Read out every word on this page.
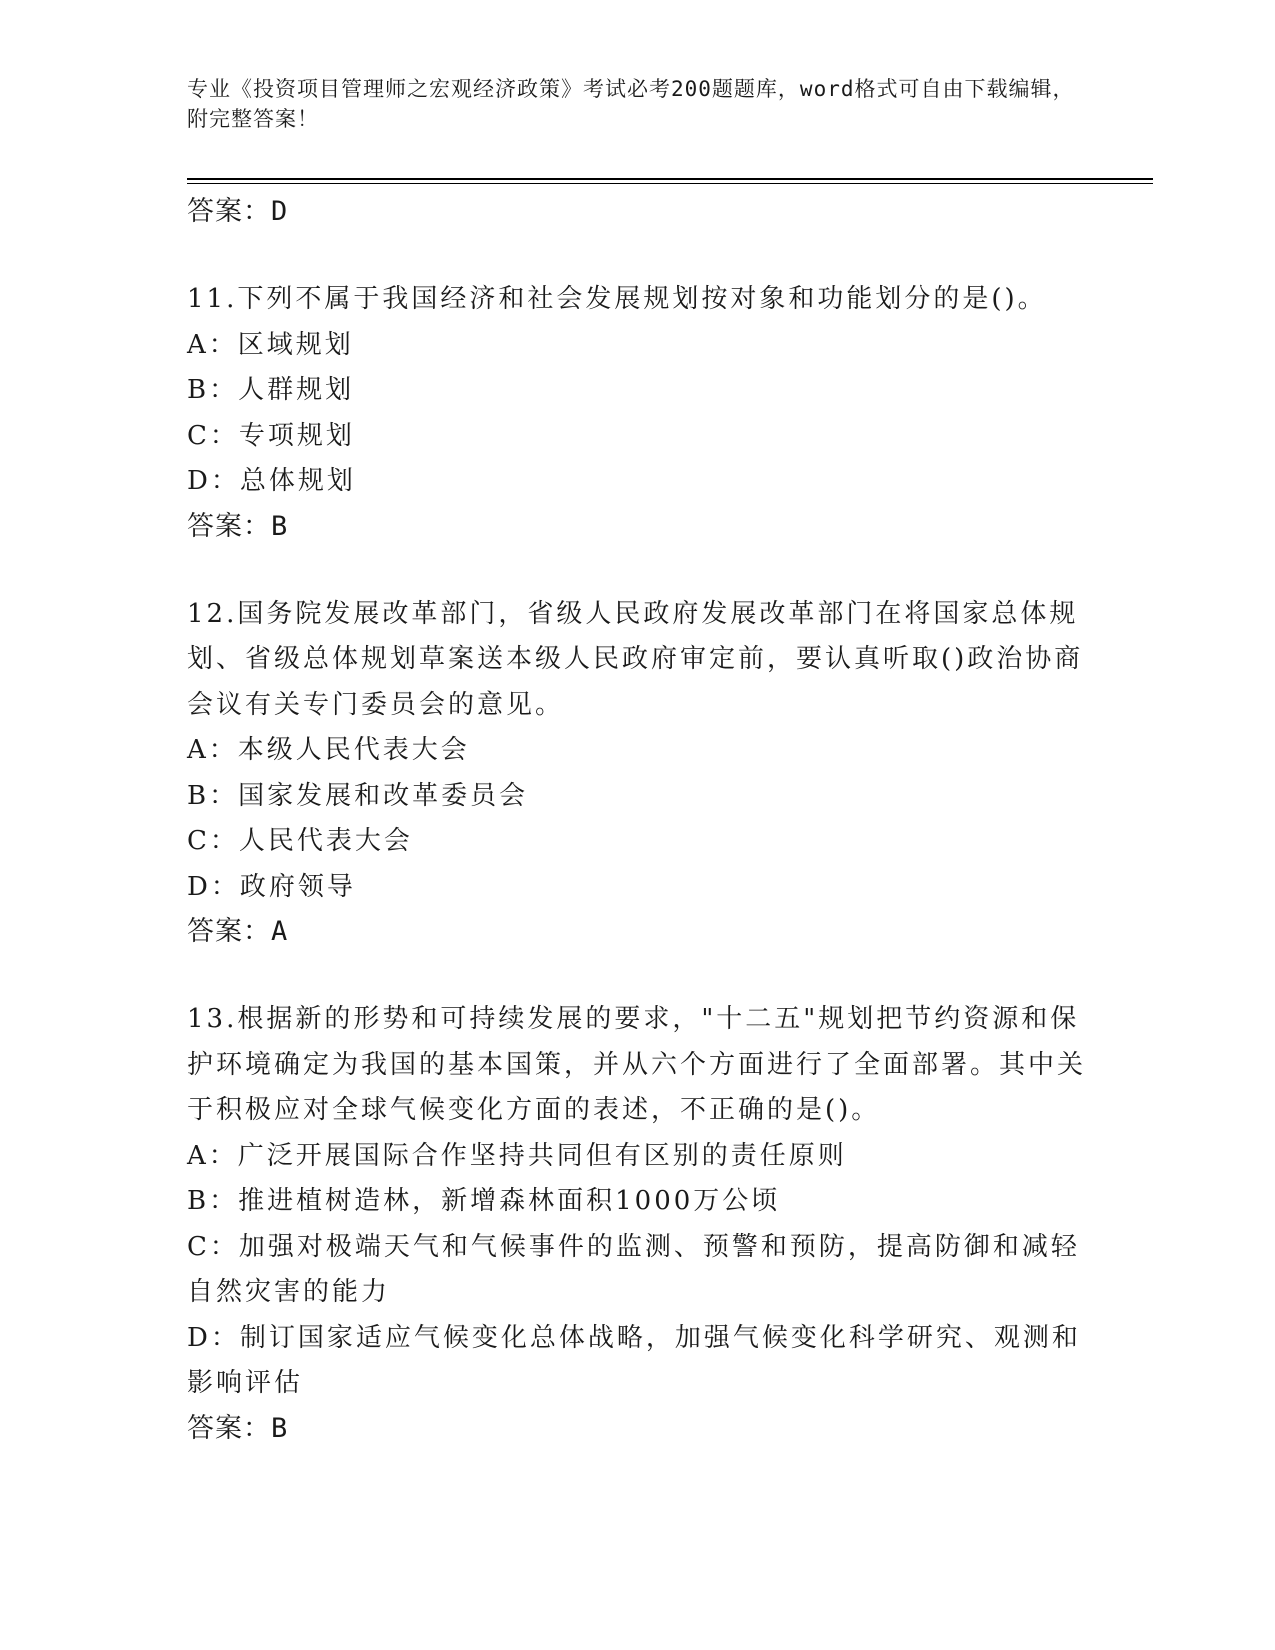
专业《投资项目管理师之宏观经济政策》考试必考200题题库，word格式可自由下载编辑，附完整答案！

答案：D

11.下列不属于我国经济和社会发展规划按对象和功能划分的是()。

A：区域规划

B：人群规划

C：专项规划

D：总体规划

答案：B

12.国务院发展改革部门，省级人民政府发展改革部门在将国家总体规划、省级总体规划草案送本级人民政府审定前，要认真听取()政治协商会议有关专门委员会的意见。

A：本级人民代表大会

B：国家发展和改革委员会

C：人民代表大会

D：政府领导

答案：A

13.根据新的形势和可持续发展的要求，"十二五"规划把节约资源和保护环境确定为我国的基本国策，并从六个方面进行了全面部署。其中关于积极应对全球气候变化方面的表述，不正确的是()。

A：广泛开展国际合作坚持共同但有区别的责任原则

B：推进植树造林，新增森林面积1000万公顷

C：加强对极端天气和气候事件的监测、预警和预防，提高防御和减轻自然灾害的能力

D：制订国家适应气候变化总体战略，加强气候变化科学研究、观测和影响评估

答案：B
